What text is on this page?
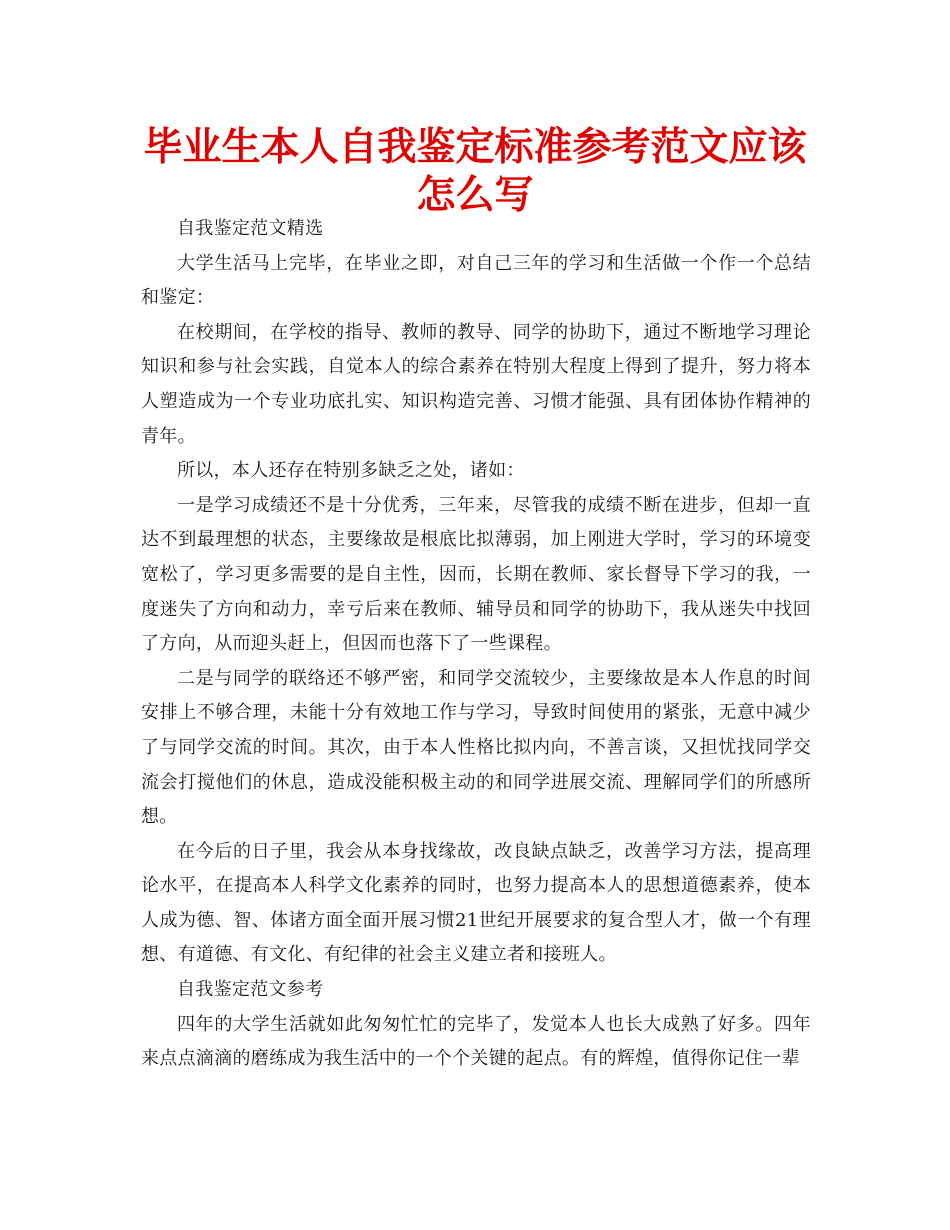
毕业生本人自我鉴定标准参考范文应该怎么写

自我鉴定范文精选

大学生活马上完毕，在毕业之即，对自己三年的学习和生活做一个作一个总结和鉴定：

在校期间，在学校的指导、教师的教导、同学的协助下，通过不断地学习理论知识和参与社会实践，自觉本人的综合素养在特别大程度上得到了提升，努力将本人塑造成为一个专业功底扎实、知识构造完善、习惯才能强、具有团体协作精神的青年。

所以，本人还存在特别多缺乏之处，诸如：

一是学习成绩还不是十分优秀，三年来，尽管我的成绩不断在进步，但却一直达不到最理想的状态，主要缘故是根底比拟薄弱，加上刚进大学时，学习的环境变宽松了，学习更多需要的是自主性，因而，长期在教师、家长督导下学习的我，一度迷失了方向和动力，幸亏后来在教师、辅导员和同学的协助下，我从迷失中找回了方向，从而迎头赶上，但因而也落下了一些课程。

二是与同学的联络还不够严密，和同学交流较少，主要缘故是本人作息的时间安排上不够合理，未能十分有效地工作与学习，导致时间使用的紧张，无意中减少了与同学交流的时间。其次，由于本人性格比拟内向，不善言谈，又担忧找同学交流会打搅他们的休息，造成没能积极主动的和同学进展交流、理解同学们的所感所想。

在今后的日子里，我会从本身找缘故，改良缺点缺乏，改善学习方法，提高理论水平，在提高本人科学文化素养的同时，也努力提高本人的思想道德素养，使本人成为德、智、体诸方面全面开展习惯21世纪开展要求的复合型人才，做一个有理想、有道德、有文化、有纪律的社会主义建立者和接班人。

自我鉴定范文参考

四年的大学生活就如此匆匆忙忙的完毕了，发觉本人也长大成熟了好多。四年来点点滴滴的磨练成为我生活中的一个个关键的起点。有的辉煌，值得你记住一辈
